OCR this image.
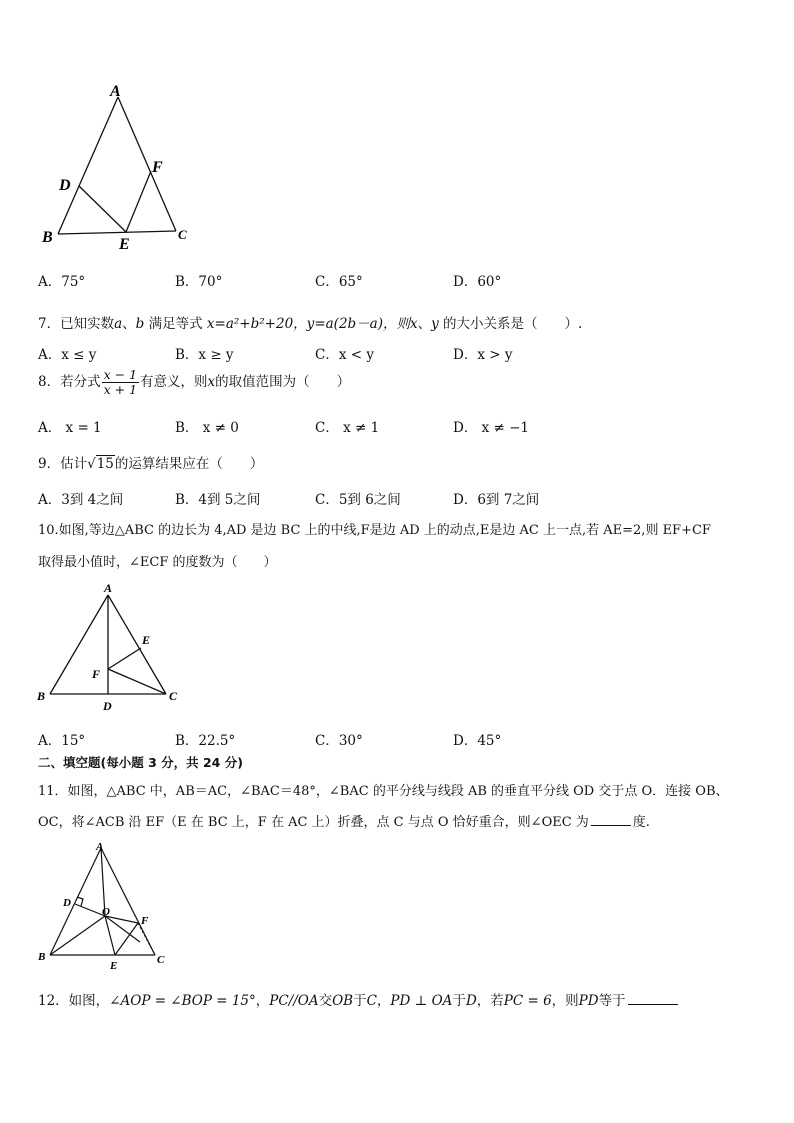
A
D
F
B	E
C
A．75°	B．70°	C．65°	D．60°
7．已知实数a、b 满足等式 x=a²+b²+20，y=a(2b－a)，则x、y 的大小关系是（　　）.
A．x ≤ y	B．x ≥ y	C．x < y	D．x > y
8．若分式 $\frac{x - 1}{x + 1}$ 有意义，则x的取值范围为（　　）
A． x = 1	B． x ≠ 0	C． x ≠ 1	D． x ≠ −1
9．估计√15的运算结果应在（　　）
A．3到 4之间	B．4到 5之间	C．5到 6之间	D．6到 7之间
10.如图,等边△ABC 的边长为 4,AD 是边 BC 上的中线,F是边 AD 上的动点,E是边 AC 上一点,若 AE=2,则 EF+CF
取得最小值时，∠ECF 的度数为（　　）
A
E
F
B	C
D
A．15°	B．22.5°	C．30°	D．45°
二、填空题(每小题 3 分，共 24 分)
11．如图，△ABC 中，AB＝AC，∠BAC＝48°，∠BAC 的平分线与线段 AB 的垂直平分线 OD 交于点 O．连接 OB、
OC，将∠ACB 沿 EF（E 在 BC 上，F 在 AC 上）折叠，点 C 与点 O 恰好重合，则∠OEC 为	度.
A
D
O
F
B
E	C
12．如图，∠AOP = ∠BOP = 15°，PC//OA交OB于C，PD ⊥ OA于D，若PC = 6，则PD等于
